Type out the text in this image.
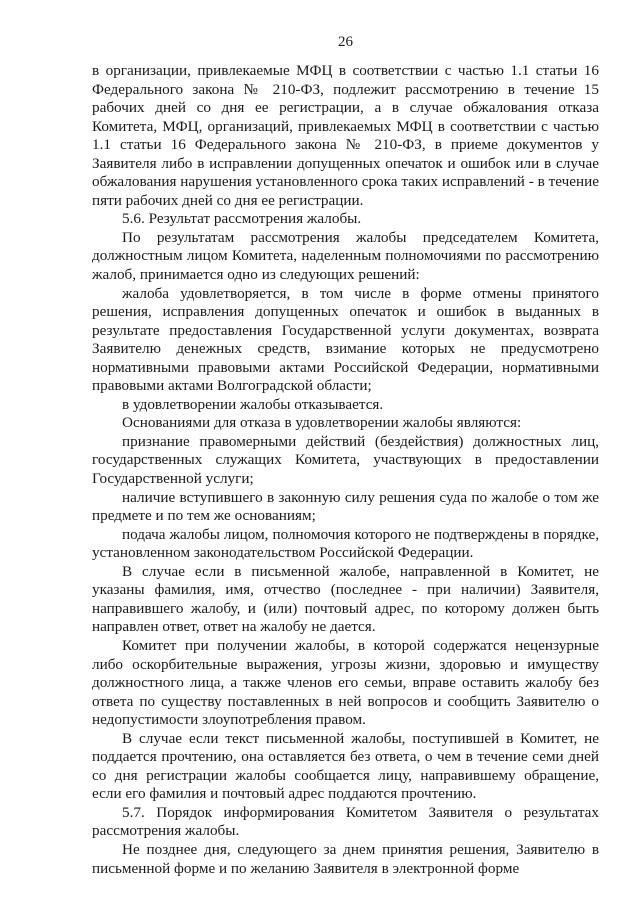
26

в организации, привлекаемые МФЦ в соответствии с частью 1.1 статьи 16 Федерального закона № 210-ФЗ, подлежит рассмотрению в течение 15 рабочих дней со дня ее регистрации, а в случае обжалования отказа Комитета, МФЦ, организаций, привлекаемых МФЦ в соответствии с частью 1.1 статьи 16 Федерального закона № 210-ФЗ, в приеме документов у Заявителя либо в исправлении допущенных опечаток и ошибок или в случае обжалования нарушения установленного срока таких исправлений - в течение пяти рабочих дней со дня ее регистрации.

5.6. Результат рассмотрения жалобы.

По результатам рассмотрения жалобы председателем Комитета, должностным лицом Комитета, наделенным полномочиями по рассмотрению жалоб, принимается одно из следующих решений:

жалоба удовлетворяется, в том числе в форме отмены принятого решения, исправления допущенных опечаток и ошибок в выданных в результате предоставления Государственной услуги документах, возврата Заявителю денежных средств, взимание которых не предусмотрено нормативными правовыми актами Российской Федерации, нормативными правовыми актами Волгоградской области;

в удовлетворении жалобы отказывается.

Основаниями для отказа в удовлетворении жалобы являются:

признание правомерными действий (бездействия) должностных лиц, государственных служащих Комитета, участвующих в предоставлении Государственной услуги;

наличие вступившего в законную силу решения суда по жалобе о том же предмете и по тем же основаниям;

подача жалобы лицом, полномочия которого не подтверждены в порядке, установленном законодательством Российской Федерации.

В случае если в письменной жалобе, направленной в Комитет, не указаны фамилия, имя, отчество (последнее - при наличии) Заявителя, направившего жалобу, и (или) почтовый адрес, по которому должен быть направлен ответ, ответ на жалобу не дается.

Комитет при получении жалобы, в которой содержатся нецензурные либо оскорбительные выражения, угрозы жизни, здоровью и имуществу должностного лица, а также членов его семьи, вправе оставить жалобу без ответа по существу поставленных в ней вопросов и сообщить Заявителю о недопустимости злоупотребления правом.

В случае если текст письменной жалобы, поступившей в Комитет, не поддается прочтению, она оставляется без ответа, о чем в течение семи дней со дня регистрации жалобы сообщается лицу, направившему обращение, если его фамилия и почтовый адрес поддаются прочтению.

5.7. Порядок информирования Комитетом Заявителя о результатах рассмотрения жалобы.

Не позднее дня, следующего за днем принятия решения, Заявителю в письменной форме и по желанию Заявителя в электронной форме
